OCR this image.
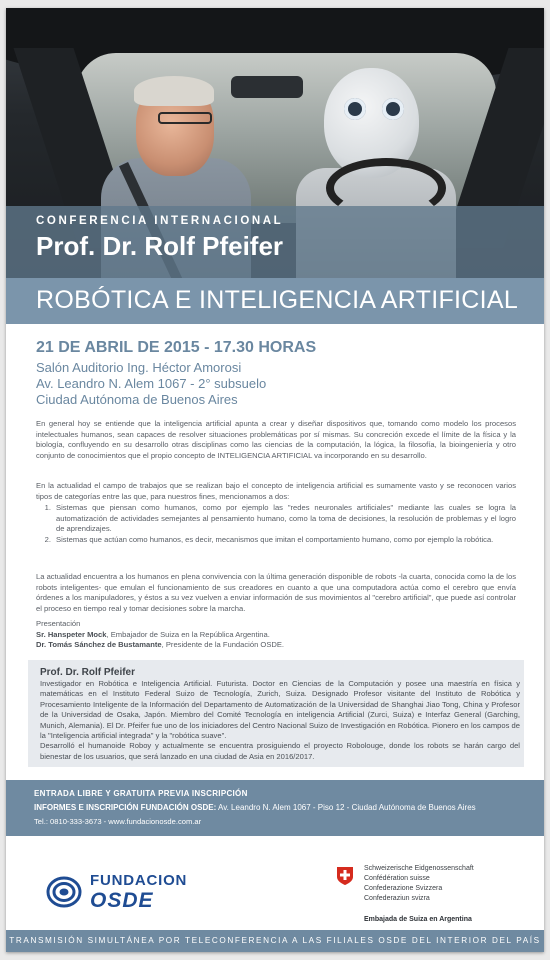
CONFERENCIA INTERNACIONAL
Prof. Dr. Rolf Pfeifer
ROBÓTICA E INTELIGENCIA ARTIFICIAL
21 DE ABRIL DE 2015 - 17.30 HORAS
Salón Auditorio Ing. Héctor Amorosi
Av. Leandro N. Alem 1067 - 2° subsuelo
Ciudad Autónoma de Buenos Aires

En general hoy se entiende que la inteligencia artificial apunta a crear y diseñar dispositivos que, tomando como modelo los procesos intelectuales humanos, sean capaces de resolver situaciones problemáticas por sí mismas. Su concreción excede el límite de la física y la biología, confluyendo en su desarrollo otras disciplinas como las ciencias de la computación, la lógica, la filosofía, la bioingeniería y otro conjunto de conocimientos que el propio concepto de INTELIGENCIA ARTIFICIAL va incorporando en su desarrollo.

En la actualidad el campo de trabajos que se realizan bajo el concepto de inteligencia artificial es sumamente vasto y se reconocen varios tipos de categorías entre las que, para nuestros fines, mencionamos a dos:

1. Sistemas que piensan como humanos, como por ejemplo las "redes neuronales artificiales" mediante las cuales se logra la automatización de actividades semejantes al pensamiento humano, como la toma de decisiones, la resolución de problemas y el logro de aprendizajes.
2. Sistemas que actúan como humanos, es decir, mecanismos que imitan el comportamiento humano, como por ejemplo la robótica.

La actualidad encuentra a los humanos en plena convivencia con la última generación disponible de robots -la cuarta, conocida como la de los robots inteligentes- que emulan el funcionamiento de sus creadores en cuanto a que una computadora actúa como el cerebro que envía órdenes a los manipuladores, y éstos a su vez vuelven a enviar información de sus movimientos al "cerebro artificial", que puede así controlar el proceso en tiempo real y tomar decisiones sobre la marcha.

Presentación
Sr. Hanspeter Mock, Embajador de Suiza en la República Argentina.
Dr. Tomás Sánchez de Bustamante, Presidente de la Fundación OSDE.
Prof. Dr. Rolf Pfeifer
Investigador en Robótica e Inteligencia Artificial. Futurista. Doctor en Ciencias de la Computación y posee una maestría en física y matemáticas en el Instituto Federal Suizo de Tecnología, Zurich, Suiza. Designado Profesor visitante del Instituto de Robótica y Procesamiento Inteligente de la Información del Departamento de Automatización de la Universidad de Shanghai Jiao Tong, China y Profesor de la Universidad de Osaka, Japón. Miembro del Comité Tecnología en inteligencia Artificial (Zurci, Suiza) e Interfaz General (Garching, Munich, Alemania). El Dr. Pfeifer fue uno de los iniciadores del Centro Nacional Suizo de Investigación en Robótica. Pionero en los campos de la "Inteligencia artificial integrada" y la "robótica suave".
Desarrolló el humanoide Roboy y actualmente se encuentra prosiguiendo el proyecto Robolouge, donde los robots se harán cargo del bienestar de los usuarios, que será lanzado en una ciudad de Asia en 2016/2017.
ENTRADA LIBRE Y GRATUITA PREVIA INSCRIPCIÓN
INFORMES E INSCRIPCIÓN FUNDACIÓN OSDE: Av. Leandro N. Alem 1067 - Piso 12 - Ciudad Autónoma de Buenos Aires
Tel.: 0810-333-3673 - www.fundacionosde.com.ar
FUNDACION
OSDE
Schweizerische Eidgenossenschaft
Confédération suisse
Confederazione Svizzera
Confederaziun svizra
Embajada de Suiza en Argentina
TRANSMISIÓN SIMULTÁNEA POR TELECONFERENCIA A LAS FILIALES OSDE DEL INTERIOR DEL PAÍS
